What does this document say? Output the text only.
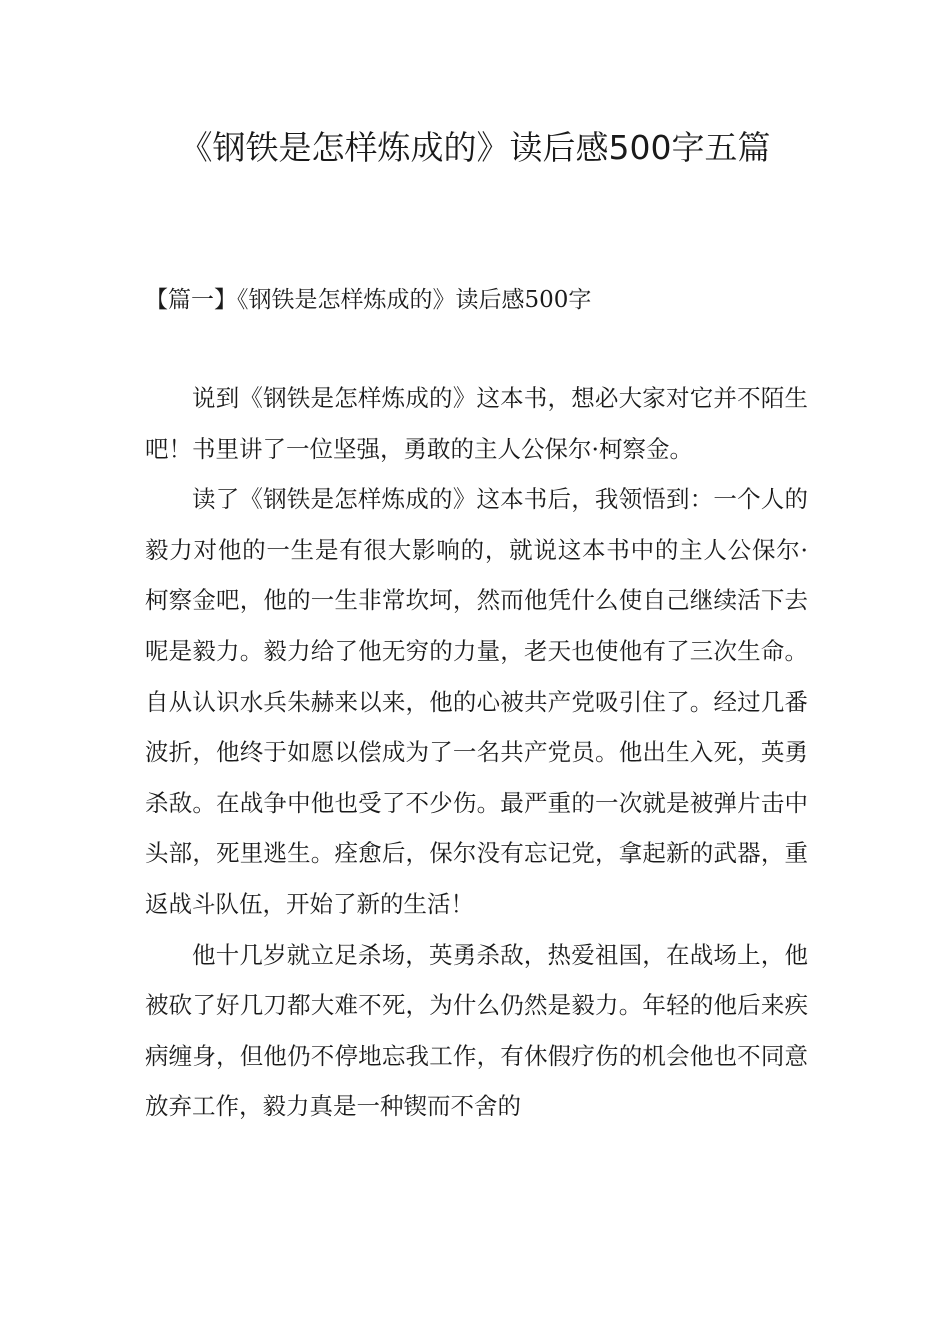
《钢铁是怎样炼成的》读后感500字五篇
【篇一】《钢铁是怎样炼成的》读后感500字

说到《钢铁是怎样炼成的》这本书，想必大家对它并不陌生吧！书里讲了一位坚强，勇敢的主人公保尔·柯察金。

读了《钢铁是怎样炼成的》这本书后，我领悟到：一个人的毅力对他的一生是有很大影响的，就说这本书中的主人公保尔·柯察金吧，他的一生非常坎坷，然而他凭什么使自己继续活下去呢是毅力。毅力给了他无穷的力量，老天也使他有了三次生命。自从认识水兵朱赫来以来，他的心被共产党吸引住了。经过几番波折，他终于如愿以偿成为了一名共产党员。他出生入死，英勇杀敌。在战争中他也受了不少伤。最严重的一次就是被弹片击中头部，死里逃生。痊愈后，保尔没有忘记党，拿起新的武器，重返战斗队伍，开始了新的生活！

他十几岁就立足杀场，英勇杀敌，热爱祖国，在战场上，他被砍了好几刀都大难不死，为什么仍然是毅力。年轻的他后来疾病缠身，但他仍不停地忘我工作，有休假疗伤的机会他也不同意放弃工作，毅力真是一种锲而不舍的
